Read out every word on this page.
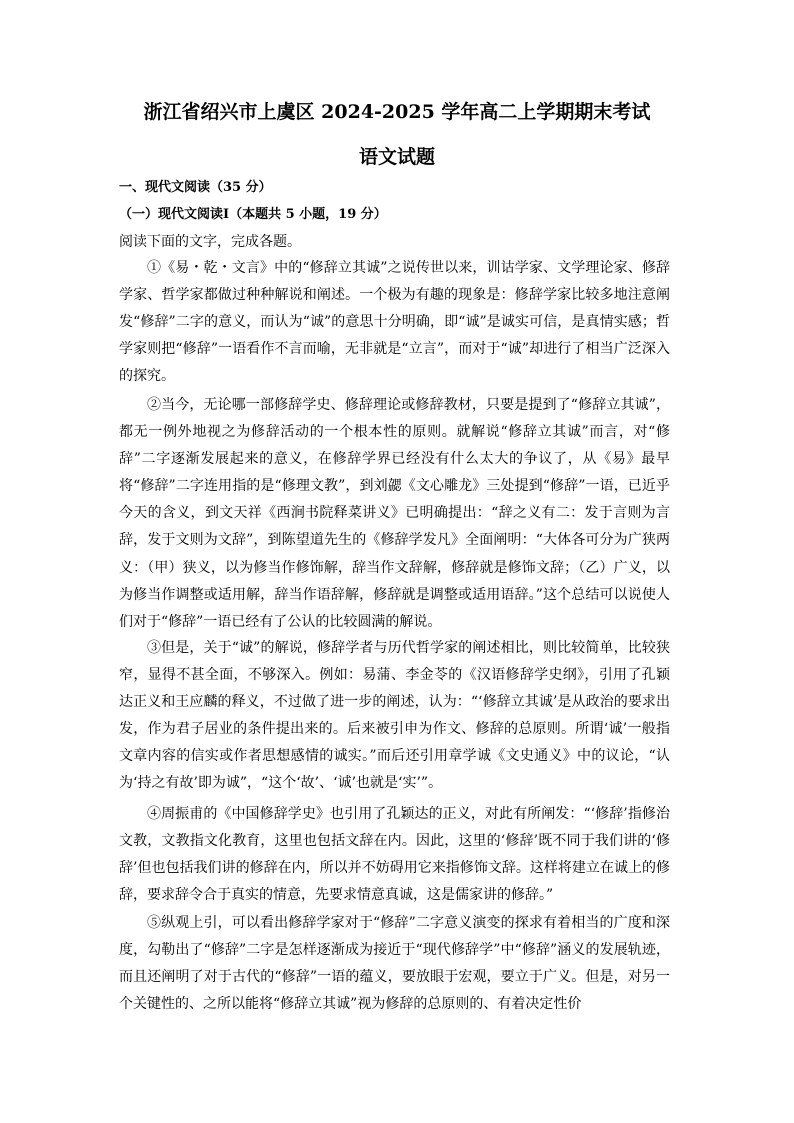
浙江省绍兴市上虞区 2024-2025 学年高二上学期期末考试
语文试题
一、现代文阅读（35 分）
（一）现代文阅读Ⅰ（本题共 5 小题，19 分）
阅读下面的文字，完成各题。

①《易・乾・文言》中的“修辞立其诚”之说传世以来，训诂学家、文学理论家、修辞学家、哲学家都做过种种解说和阐述。一个极为有趣的现象是：修辞学家比较多地注意阐发“修辞”二字的意义，而认为“诚”的意思十分明确，即“诚”是诚实可信，是真情实感；哲学家则把“修辞”一语看作不言而喻，无非就是“立言”，而对于“诚”却进行了相当广泛深入的探究。

②当今，无论哪一部修辞学史、修辞理论或修辞教材，只要是提到了“修辞立其诚”，都无一例外地视之为修辞活动的一个根本性的原则。就解说“修辞立其诚”而言，对“修辞”二字逐渐发展起来的意义，在修辞学界已经没有什么太大的争议了，从《易》最早将“修辞”二字连用指的是“修理文教”，到刘勰《文心雕龙》三处提到“修辞”一语，已近乎今天的含义，到文天祥《西涧书院释菜讲义》已明确提出：“辞之义有二：发于言则为言辞，发于文则为文辞”，到陈望道先生的《修辞学发凡》全面阐明：“大体各可分为广狭两义：（甲）狭义，以为修当作修饰解，辞当作文辞解，修辞就是修饰文辞；（乙）广义，以为修当作调整或适用解，辞当作语辞解，修辞就是调整或适用语辞。”这个总结可以说使人们对于“修辞”一语已经有了公认的比较圆满的解说。

③但是，关于“诚”的解说，修辞学者与历代哲学家的阐述相比，则比较简单，比较狭窄，显得不甚全面，不够深入。例如：易蒲、李金苓的《汉语修辞学史纲》，引用了孔颖达正义和王应麟的释义，不过做了进一步的阐述，认为：“‘修辞立其诚’是从政治的要求出发，作为君子居业的条件提出来的。后来被引申为作文、修辞的总原则。所谓‘诚’一般指文章内容的信实或作者思想感情的诚实。”而后还引用章学诚《文史通义》中的议论，“认为‘持之有故’即为诚”，“这个‘故’、‘诚’也就是‘实’”。

④周振甫的《中国修辞学史》也引用了孔颖达的正义，对此有所阐发：“‘修辞’指修治文教，文教指文化教育，这里也包括文辞在内。因此，这里的‘修辞’既不同于我们讲的‘修辞’但也包括我们讲的修辞在内，所以并不妨碍用它来指修饰文辞。这样将建立在诚上的修辞，要求辞令合于真实的情意，先要求情意真诚，这是儒家讲的修辞。”

⑤纵观上引，可以看出修辞学家对于“修辞”二字意义演变的探求有着相当的广度和深度，勾勒出了“修辞”二字是怎样逐渐成为接近于“现代修辞学”中“修辞”涵义的发展轨迹，而且还阐明了对于古代的“修辞”一语的蕴义，要放眼于宏观，要立于广义。但是，对另一个关键性的、之所以能将“修辞立其诚”视为修辞的总原则的、有着决定性价
